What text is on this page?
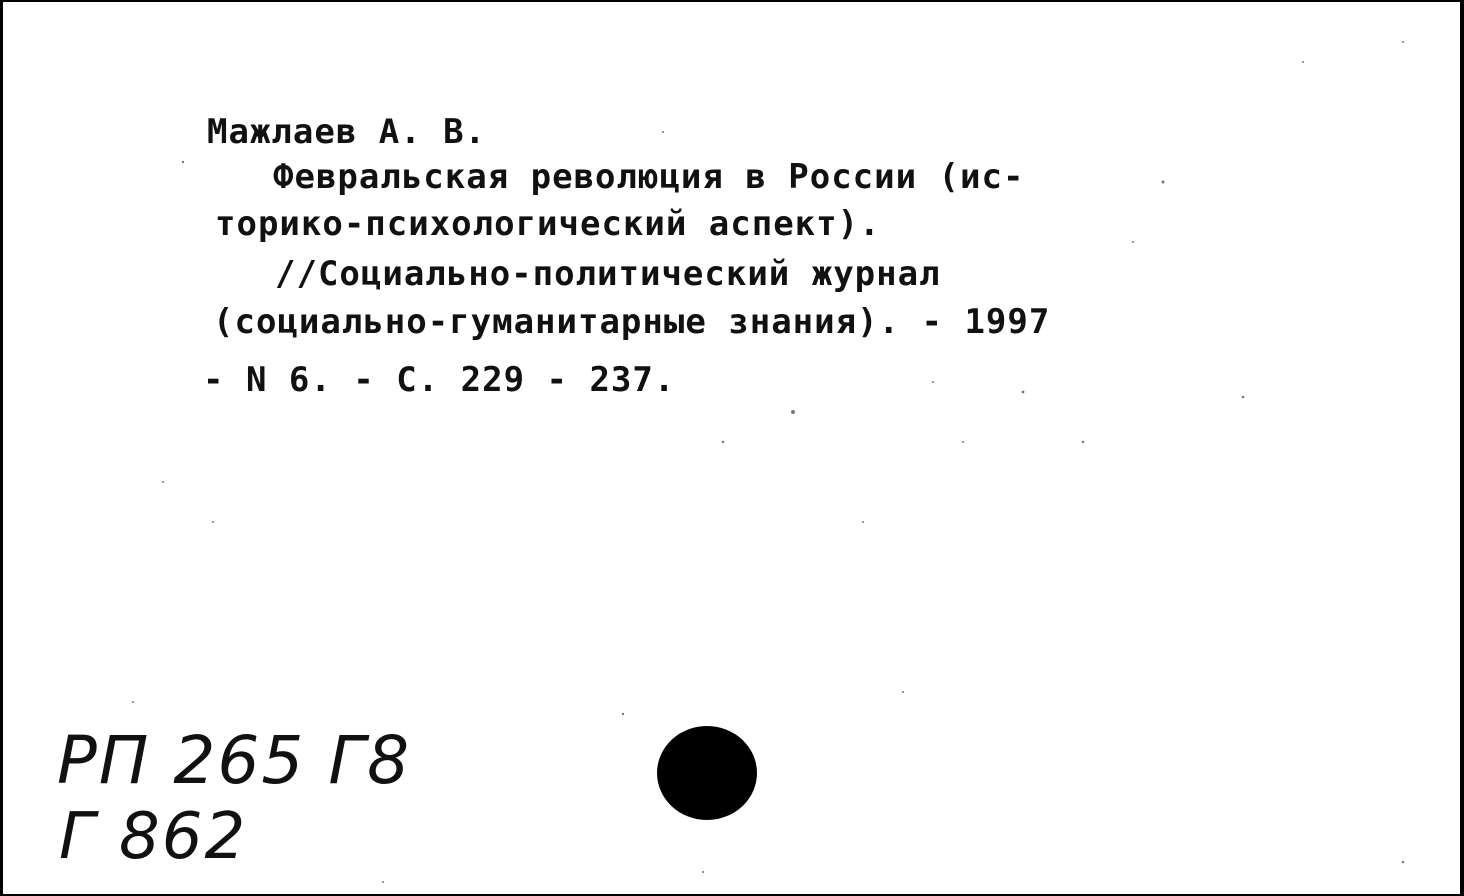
Мажлаев А. В.
Февральская революция в России (ис-
торико-психологический аспект).
//Социально-политический журнал
(социально-гуманитарные знания). - 1997
- N 6. - С. 229 - 237.
РП 265 Г8
Г 862
